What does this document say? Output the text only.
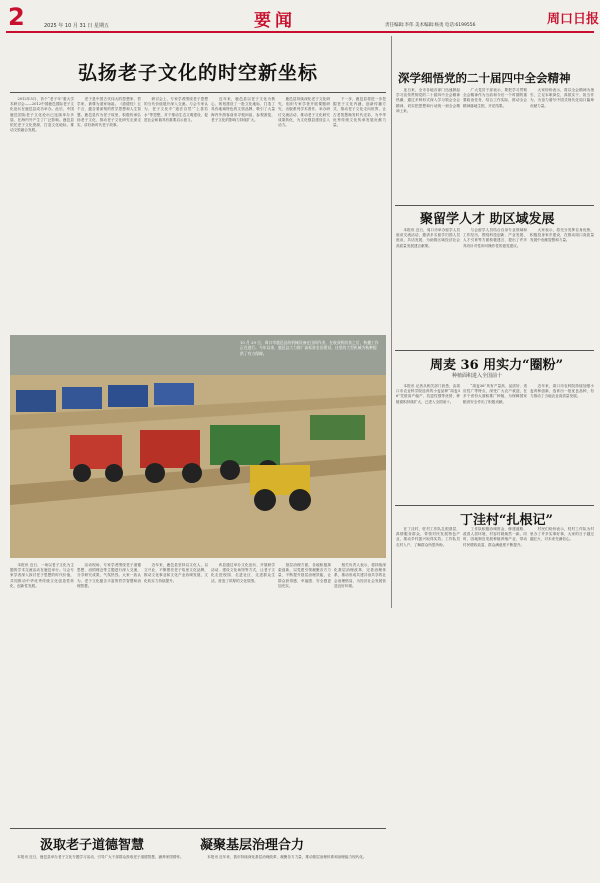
2	2025 年 10 月 31 日 星期五	要闻	责任编辑:李伟 美术编辑:杨夷 电话:6199556	周口日报
弘扬老子文化的时空新坐标
　　2012年5月，首个“老子年”重大学术研讨会——2012中国鹿邑国际老子文化论坛在鹿邑县成功举办。此后，中国鹿邑国际老子文化论坛已连续举办多届，在海内外产生了广泛影响。鹿邑县依托老子文化资源，打造文化地标，推动文旅融合发展。
　　老子是中国古代伟大的思想家、哲学家，被尊为道家始祖。《道德经》五千言，蕴含着深刻的哲学思想和人生智慧。鹿邑县作为老子故里，积极传承弘扬老子文化，推动老子文化研究走深走实，讲好新时代老子故事。
　　研讨会上，专家学者围绕老子思想的当代价值展开深入交流。与会专家认为，老子文化中“道法自然”“上善若水”等思想，对于推动生态文明建设、促进社会和谐具有重要启示意义。
　　近年来，鹿邑县以老子文化为核心，规划建设了一批文化地标，打造了具有地域特色的文旅品牌，吸引了大量海内外游客前来寻根问祖、参观游览，老子文化的影响力持续扩大。
　　鹿邑县持续深化老子文化研究，组织专家学者开展课题研究，出版系列学术著作，举办研讨交流活动，推动老子文化研究成果转化，为文化强县建设注入动力。
　　下一步，鹿邑县将进一步挖掘老子文化内涵，创新传播方式，推动老子文化走向世界，让古老智慧焕发时代光彩，为中华优秀传统文化传承发展贡献力量。
10 月 29 日，周口市鹿邑县的机械设备在田间作业，在收获机收获之后，秋播工作正在进行。今年以来，鹿邑县大力推广高标准农田建设。这里的大型机械为秋种提供了有力保障。
深学细悟党的二十届四中全会精神
　　连日来，全市各地各部门迅速掀起学习宣传贯彻党的二十届四中全会精神热潮，通过多种形式深入学习领会全会精神，切实把思想和行动统一到全会精神上来。
　　广大党员干部表示，要把学习贯彻全会精神作为当前和今后一个时期的重要政治任务，结合工作实际，推动全会精神落地生根、开花结果。
　　大家纷纷表示，将以全会精神为指引，立足本职岗位，真抓实干、担当作为，为奋力谱写中国式现代化周口篇章贡献力量。
聚留学人才 助区域发展
　　本报讯 近日，周口市举办留学人员座谈交流活动，邀请多名留学归国人员座谈，共话发展，为助推区域经济社会高质量发展建言献策。
　　与会留学人员结合自身专业领域和工作经历，围绕科技创新、产业发展、人才引育等方面积极建言，提出了许多具有针对性和可操作性的意见建议。
　　大家表示，将充分发挥自身优势，积极投身家乡建设，在推动周口高质量发展中贡献智慧和力量。
周麦 36 用实力“圈粉”
种植面积进入全国前十
　　本报讯 记者从相关部门获悉，由周口市农业科学院选育的小麦品种“周麦36”凭借高产稳产、抗逆性强等优势，种植面积持续扩大，已进入全国前十。
　　“周麦36”具有产量高、品质好、适应性广等特点，深受广大农户欢迎，在多个省份大面积推广种植，为保障国家粮食安全作出了积极贡献。
　　近年来，周口市农科院持续加强小麦育种创新，选育出一批优良品种，有力推动了当地农业高质量发展。
丁洼村“扎根记”
　　本报讯 近日，一场以老子文化为主题的学术交流活动在鹿邑举行。与会专家学者深入探讨老子思想的时代价值，共同推动中华优秀传统文化创造性转化、创新性发展。
　　活动现场，专家学者围绕老子道德思想、治国理念等主题进行深入交流，分享研究成果，气氛热烈。大家一致认为，老子文化蕴含丰富的哲学智慧和治理智慧。
　　近年来，鹿邑县坚持以文化人、以文兴业，不断擦亮老子故里文化品牌，推动文化事业和文化产业协调发展，文化软实力持续提升。
　　该县通过举办文化论坛、开展研学活动、建设文化场馆等方式，让老子文化走进校园、走进社区、走进群众生活，营造了浓厚的文化氛围。
　　基层治理方面，各地积极探索创新，以党建引领凝聚各方力量，不断提升基层治理效能，让群众获得感、幸福感、安全感更加充实。
　　相关负责人表示，将持续深化基层治理改革，完善治理体系，推动形成共建共治共享的社会治理格局，为经济社会发展营造良好环境。
　　在丁洼村，驻村工作队扎根基层，真情服务群众，带领村民发展特色产业，推动乡村振兴取得实效。工作队员走村入户，了解群众所思所盼。
　　工作队积极协调资金，修建道路、改善人居环境，村容村貌焕然一新。同时，因地制宜发展种植养殖产业，带动村民增收致富，群众满意度不断提升。
　　村民们纷纷表示，驻村工作队为村里办了许多实事好事，大家的日子越过越红火，对未来充满信心。
汲取老子道德智慧	凝聚基层治理合力
　　本报讯 近日，鹿邑县举办老子文化专题学习活动，引导广大干部群众汲取老子道德智慧，涵养家国情怀。	　　本报讯 近年来，我市持续深化基层治理改革，凝聚各方力量，推动基层治理体系和治理能力现代化。
